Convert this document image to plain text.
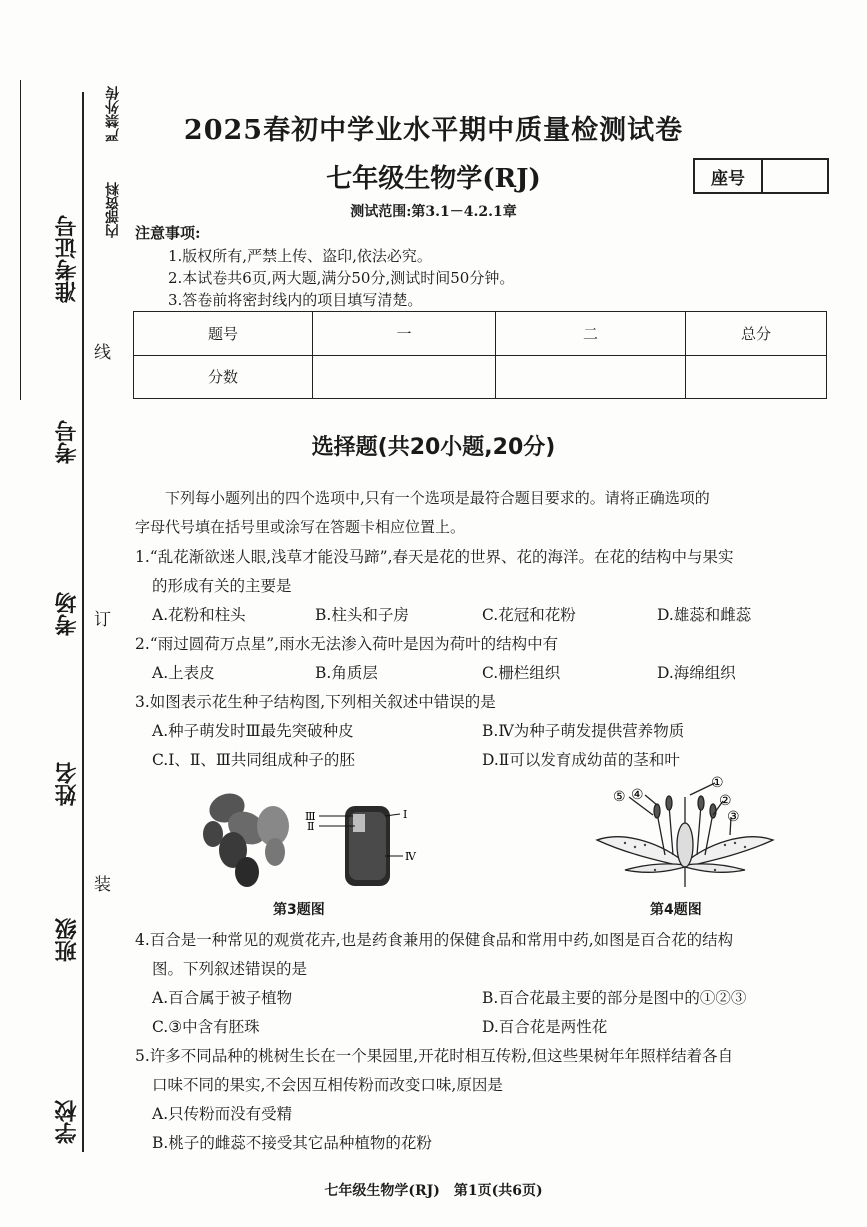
严禁外传
内部资料
准考证号
考号
考场
姓名
班级
学校
线
订
装
2025春初中学业水平期中质量检测试卷
七年级生物学(RJ)	座号
测试范围:第3.1－4.2.1章
注意事项:
1.版权所有,严禁上传、盗印,依法必究。
2.本试卷共6页,两大题,满分50分,测试时间50分钟。
3.答卷前将密封线内的项目填写清楚。
题号	一	二	总分
分数			
选择题(共20小题,20分)
下列每小题列出的四个选项中,只有一个选项是最符合题目要求的。请将正确选项的
字母代号填在括号里或涂写在答题卡相应位置上。
1.“乱花渐欲迷人眼,浅草才能没马蹄”,春天是花的世界、花的海洋。在花的结构中与果实
的形成有关的主要是
A.花粉和柱头	B.柱头和子房	C.花冠和花粉	D.雄蕊和雌蕊
2.“雨过圆荷万点星”,雨水无法渗入荷叶是因为荷叶的结构中有
A.上表皮	B.角质层	C.栅栏组织	D.海绵组织
3.如图表示花生种子结构图,下列相关叙述中错误的是
A.种子萌发时Ⅲ最先突破种皮	B.Ⅳ为种子萌发提供营养物质
C.Ⅰ、Ⅱ、Ⅲ共同组成种子的胚	D.Ⅱ可以发育成幼苗的茎和叶
Ⅲ
Ⅱ
Ⅰ
Ⅳ
第3题图
①
②
③
④
⑤
第4题图
4.百合是一种常见的观赏花卉,也是药食兼用的保健食品和常用中药,如图是百合花的结构
图。下列叙述错误的是
A.百合属于被子植物	B.百合花最主要的部分是图中的①②③
C.③中含有胚珠	D.百合花是两性花
5.许多不同品种的桃树生长在一个果园里,开花时相互传粉,但这些果树年年照样结着各自
口味不同的果实,不会因互相传粉而改变口味,原因是
A.只传粉而没有受精
B.桃子的雌蕊不接受其它品种植物的花粉
七年级生物学(RJ)　第1页(共6页)
